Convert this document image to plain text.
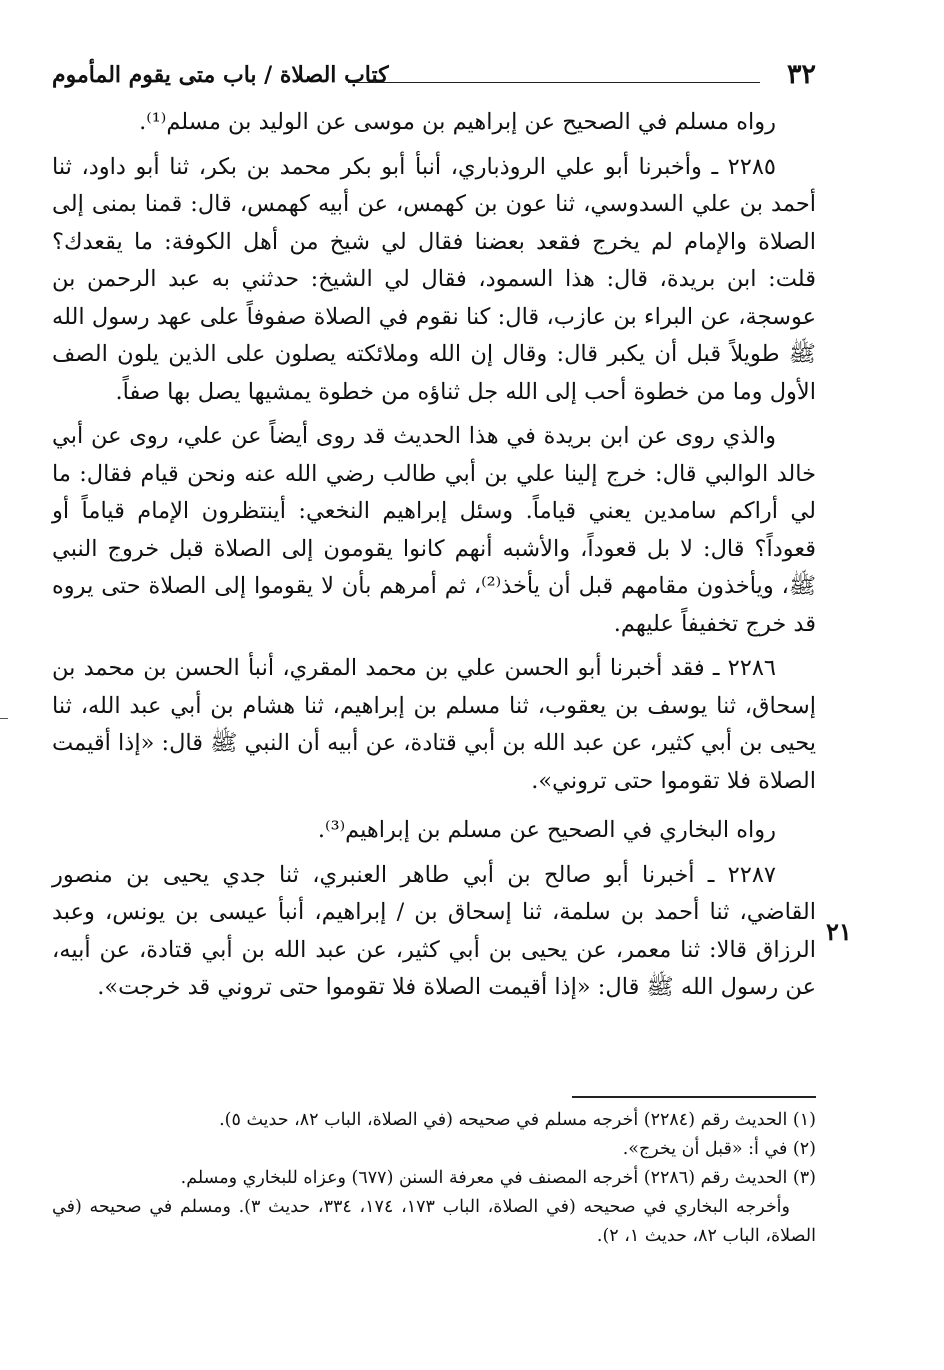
٣٢
كتاب الصلاة / باب متى يقوم المأموم

رواه مسلم في الصحيح عن إبراهيم بن موسى عن الوليد بن مسلم⁽¹⁾.

٢٢٨٥ ـ وأخبرنا أبو علي الروذباري، أنبأ أبو بكر محمد بن بكر، ثنا أبو داود، ثنا أحمد بن علي السدوسي، ثنا عون بن كهمس، عن أبيه كهمس، قال: قمنا بمنى إلى الصلاة والإمام لم يخرج فقعد بعضنا فقال لي شيخ من أهل الكوفة: ما يقعدك؟ قلت: ابن بريدة، قال: هذا السمود، فقال لي الشيخ: حدثني به عبد الرحمن بن عوسجة، عن البراء بن عازب، قال: كنا نقوم في الصلاة صفوفاً على عهد رسول الله ﷺ طويلاً قبل أن يكبر قال: وقال إن الله وملائكته يصلون على الذين يلون الصف الأول وما من خطوة أحب إلى الله جل ثناؤه من خطوة يمشيها يصل بها صفاً.

والذي روى عن ابن بريدة في هذا الحديث قد روى أيضاً عن علي، روى عن أبي خالد الوالبي قال: خرج إلينا علي بن أبي طالب رضي الله عنه ونحن قيام فقال: ما لي أراكم سامدين يعني قياماً. وسئل إبراهيم النخعي: أينتظرون الإمام قياماً أو قعوداً؟ قال: لا بل قعوداً، والأشبه أنهم كانوا يقومون إلى الصلاة قبل خروج النبي ﷺ، ويأخذون مقامهم قبل أن يأخذ⁽²⁾، ثم أمرهم بأن لا يقوموا إلى الصلاة حتى يروه قد خرج تخفيفاً عليهم.

٢٢٨٦ ـ فقد أخبرنا أبو الحسن علي بن محمد المقري، أنبأ الحسن بن محمد بن إسحاق، ثنا يوسف بن يعقوب، ثنا مسلم بن إبراهيم، ثنا هشام بن أبي عبد الله، ثنا يحيى بن أبي كثير، عن عبد الله بن أبي قتادة، عن أبيه أن النبي ﷺ قال: «إذا أقيمت الصلاة فلا تقوموا حتى تروني».

رواه البخاري في الصحيح عن مسلم بن إبراهيم⁽³⁾.

٢٢٨٧ ـ أخبرنا أبو صالح بن أبي طاهر العنبري، ثنا جدي يحيى بن منصور القاضي، ثنا أحمد بن سلمة، ثنا إسحاق بن / إبراهيم، أنبأ عيسى بن يونس، وعبد الرزاق قالا: ثنا معمر، عن يحيى بن أبي كثير، عن عبد الله بن أبي قتادة، عن أبيه، عن رسول الله ﷺ قال: «إذا أقيمت الصلاة فلا تقوموا حتى تروني قد خرجت».

٢١

(١) الحديث رقم (٢٢٨٤) أخرجه مسلم في صحيحه (في الصلاة، الباب ٨٢، حديث ٥).

(٢) في أ: «قبل أن يخرج».

(٣) الحديث رقم (٢٢٨٦) أخرجه المصنف في معرفة السنن (٦٧٧) وعزاه للبخاري ومسلم.

وأخرجه البخاري في صحيحه (في الصلاة، الباب ١٧٣، ١٧٤، ٣٣٤، حديث ٣). ومسلم في صحيحه (في الصلاة، الباب ٨٢، حديث ١، ٢).
